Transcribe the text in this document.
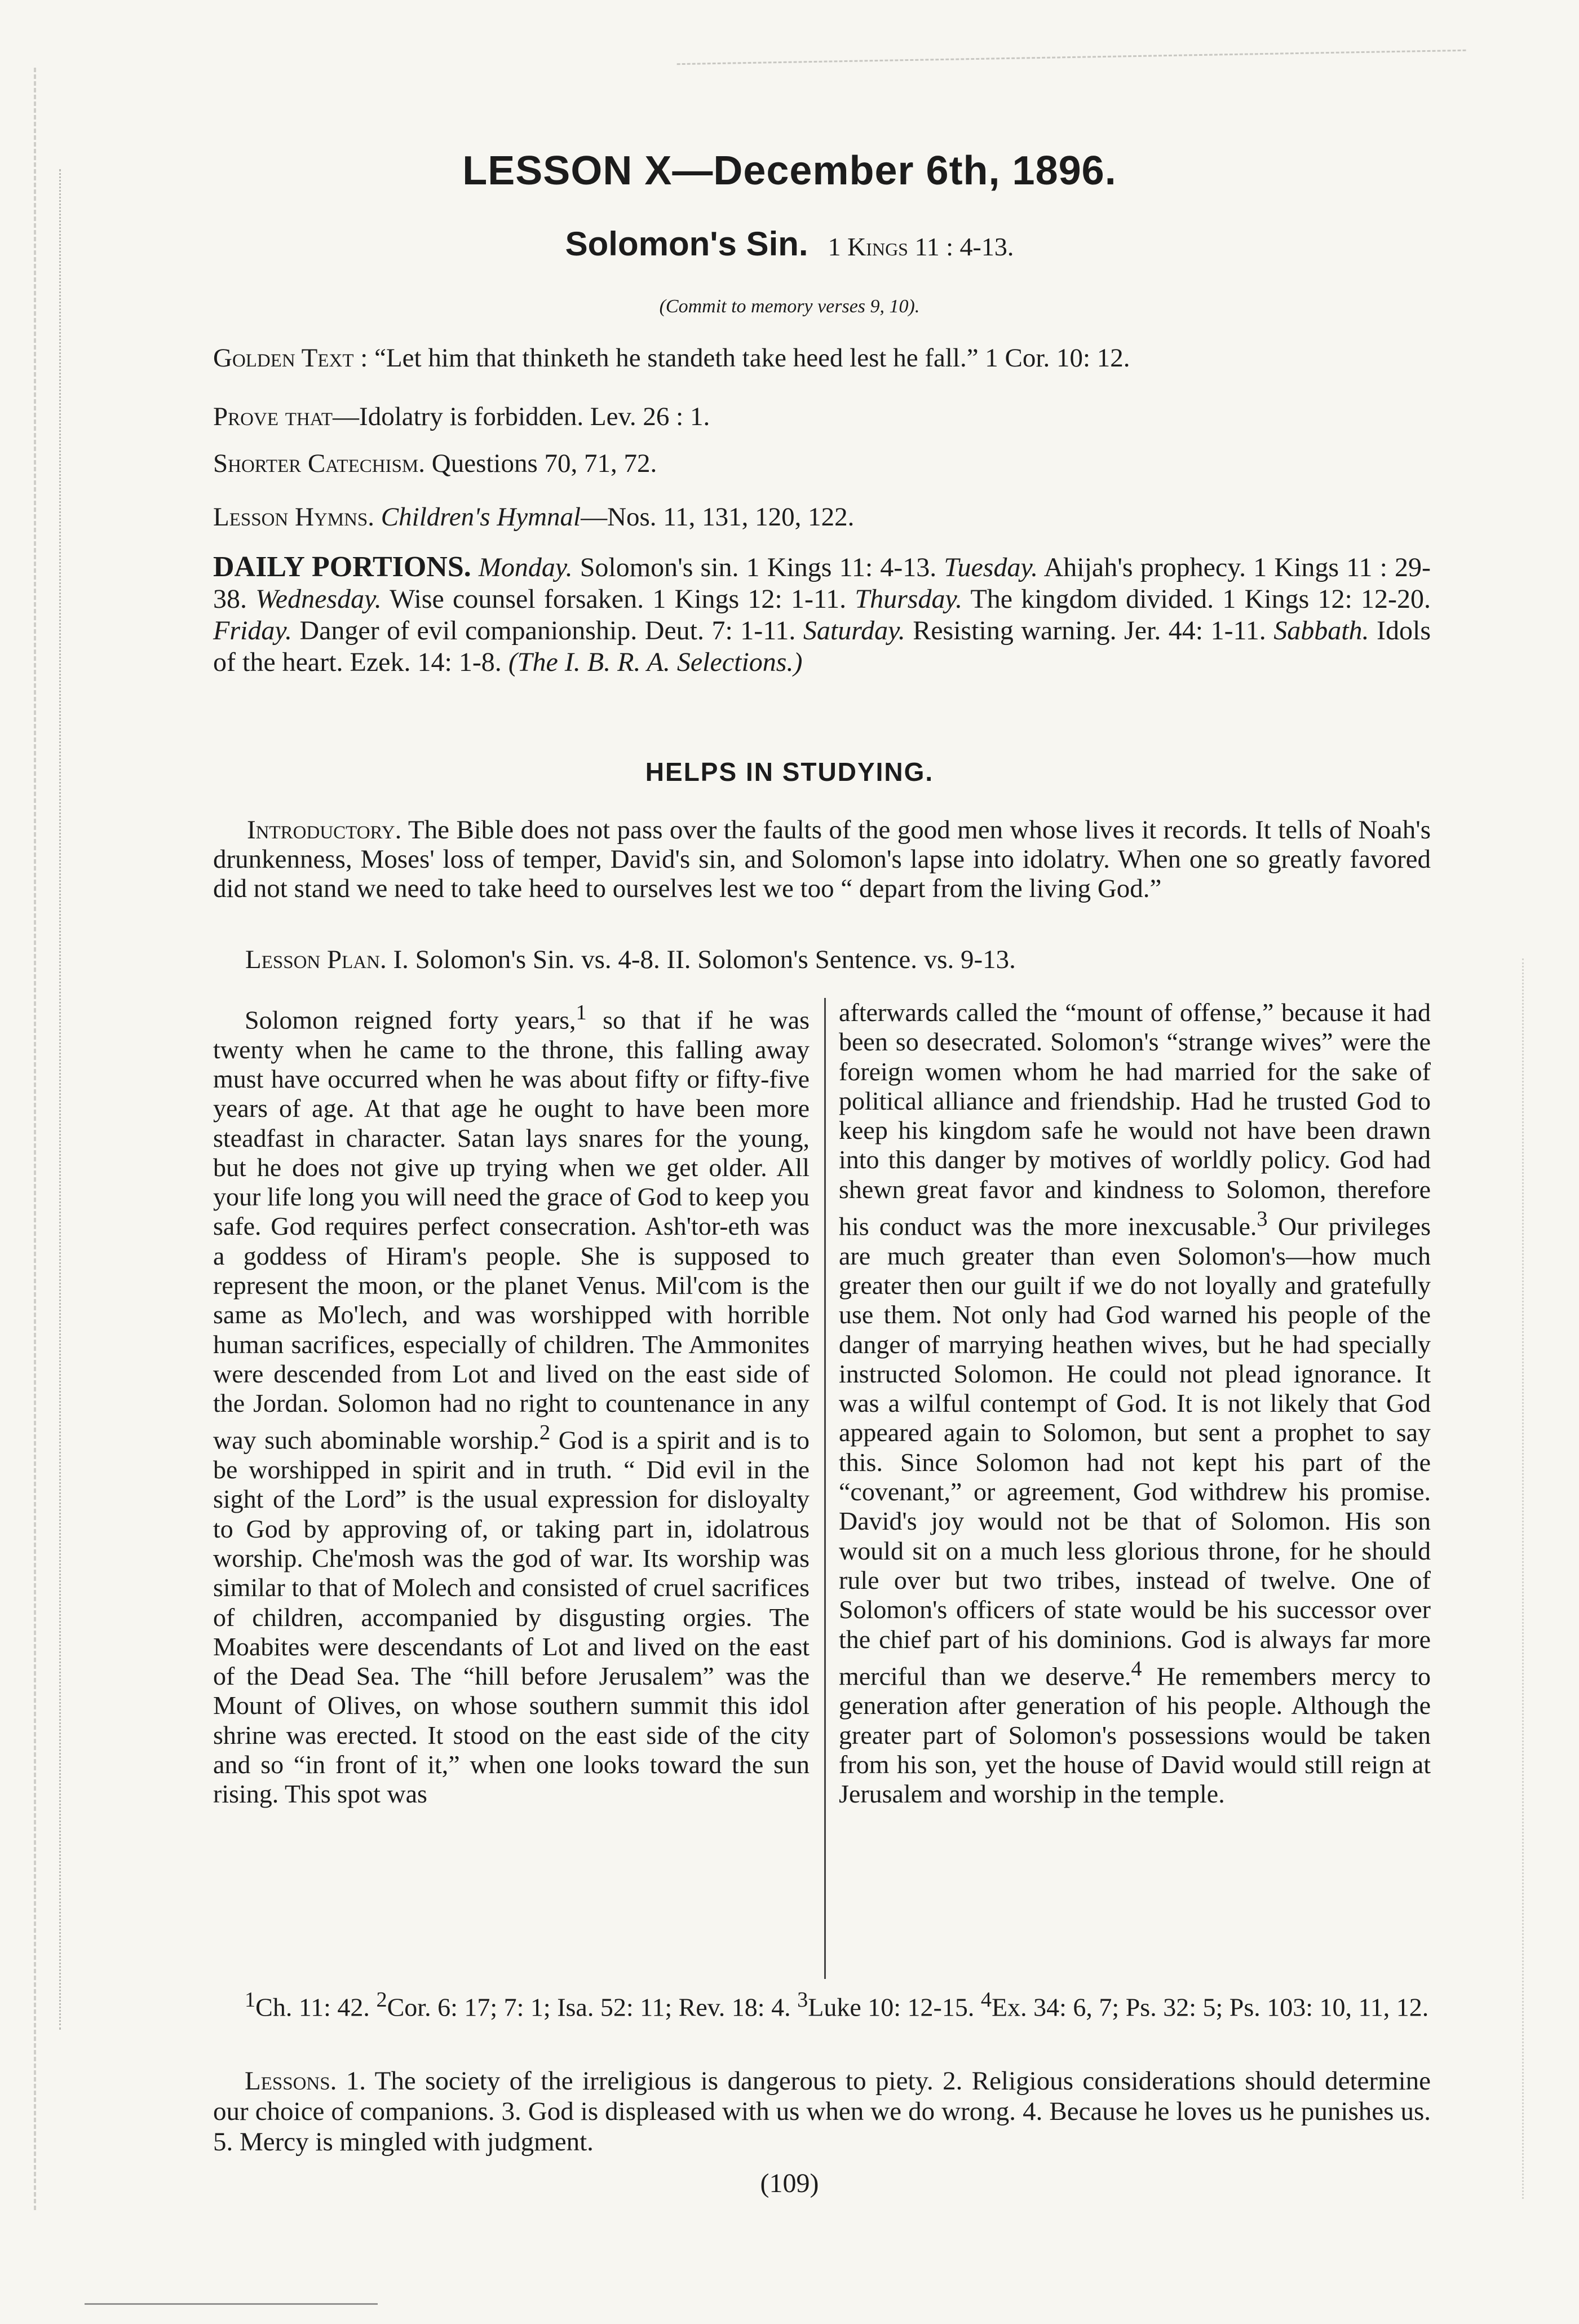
LESSON X—December 6th, 1896.
Solomon's Sin. 1 Kings 11 : 4-13.
(Commit to memory verses 9, 10).
Golden Text : “Let him that thinketh he standeth take heed lest he fall.” 1 Cor. 10: 12.
Prove that—Idolatry is forbidden. Lev. 26 : 1.
Shorter Catechism. Questions 70, 71, 72.
Lesson Hymns. Children's Hymnal—Nos. 11, 131, 120, 122.
DAILY PORTIONS. Monday. Solomon's sin. 1 Kings 11: 4-13. Tuesday. Ahijah's prophecy. 1 Kings 11 : 29-38. Wednesday. Wise counsel forsaken. 1 Kings 12: 1-11. Thursday. The kingdom divided. 1 Kings 12: 12-20. Friday. Danger of evil companionship. Deut. 7: 1-11. Saturday. Resisting warning. Jer. 44: 1-11. Sabbath. Idols of the heart. Ezek. 14: 1-8. (The I. B. R. A. Selections.)
HELPS IN STUDYING.
Introductory. The Bible does not pass over the faults of the good men whose lives it records. It tells of Noah's drunkenness, Moses' loss of temper, David's sin, and Solomon's lapse into idolatry. When one so greatly favored did not stand we need to take heed to ourselves lest we too “ depart from the living God.”
Lesson Plan. I. Solomon's Sin. vs. 4-8. II. Solomon's Sentence. vs. 9-13.
Solomon reigned forty years,$^1$ so that if he was twenty when he came to the throne, this falling away must have occurred when he was about fifty or fifty-five years of age. At that age he ought to have been more steadfast in character. Satan lays snares for the young, but he does not give up trying when we get older. All your life long you will need the grace of God to keep you safe. God requires perfect consecration. Ash'tor-eth was a goddess of Hiram's people. She is supposed to represent the moon, or the planet Venus. Mil'com is the same as Mo'lech, and was worshipped with horrible human sacrifices, especially of children. The Ammonites were descended from Lot and lived on the east side of the Jordan. Solomon had no right to countenance in any way such abominable worship.$^2$ God is a spirit and is to be worshipped in spirit and in truth. “ Did evil in the sight of the Lord” is the usual expression for disloyalty to God by approving of, or taking part in, idolatrous worship. Che'mosh was the god of war. Its worship was similar to that of Molech and consisted of cruel sacrifices of children, accompanied by disgusting orgies. The Moabites were descendants of Lot and lived on the east of the Dead Sea. The “hill before Jerusalem” was the Mount of Olives, on whose southern summit this idol shrine was erected. It stood on the east side of the city and so “in front of it,” when one looks toward the sun rising. This spot was
afterwards called the “mount of offense,” because it had been so desecrated. Solomon's “strange wives” were the foreign women whom he had married for the sake of political alliance and friendship. Had he trusted God to keep his kingdom safe he would not have been drawn into this danger by motives of worldly policy. God had shewn great favor and kindness to Solomon, therefore his conduct was the more inexcusable.$^3$ Our privileges are much greater than even Solomon's—how much greater then our guilt if we do not loyally and gratefully use them. Not only had God warned his people of the danger of marrying heathen wives, but he had specially instructed Solomon. He could not plead ignorance. It was a wilful contempt of God. It is not likely that God appeared again to Solomon, but sent a prophet to say this. Since Solomon had not kept his part of the “covenant,” or agreement, God withdrew his promise. David's joy would not be that of Solomon. His son would sit on a much less glorious throne, for he should rule over but two tribes, instead of twelve. One of Solomon's officers of state would be his successor over the chief part of his dominions. God is always far more merciful than we deserve.$^4$ He remembers mercy to generation after generation of his people. Although the greater part of Solomon's possessions would be taken from his son, yet the house of David would still reign at Jerusalem and worship in the temple.
$^1$Ch. 11: 42. $^2$Cor. 6: 17; 7: 1; Isa. 52: 11; Rev. 18: 4. $^3$Luke 10: 12-15. $^4$Ex. 34: 6, 7; Ps. 32: 5; Ps. 103: 10, 11, 12.
Lessons. 1. The society of the irreligious is dangerous to piety. 2. Religious considerations should determine our choice of companions. 3. God is displeased with us when we do wrong. 4. Because he loves us he punishes us. 5. Mercy is mingled with judgment.
(109)
